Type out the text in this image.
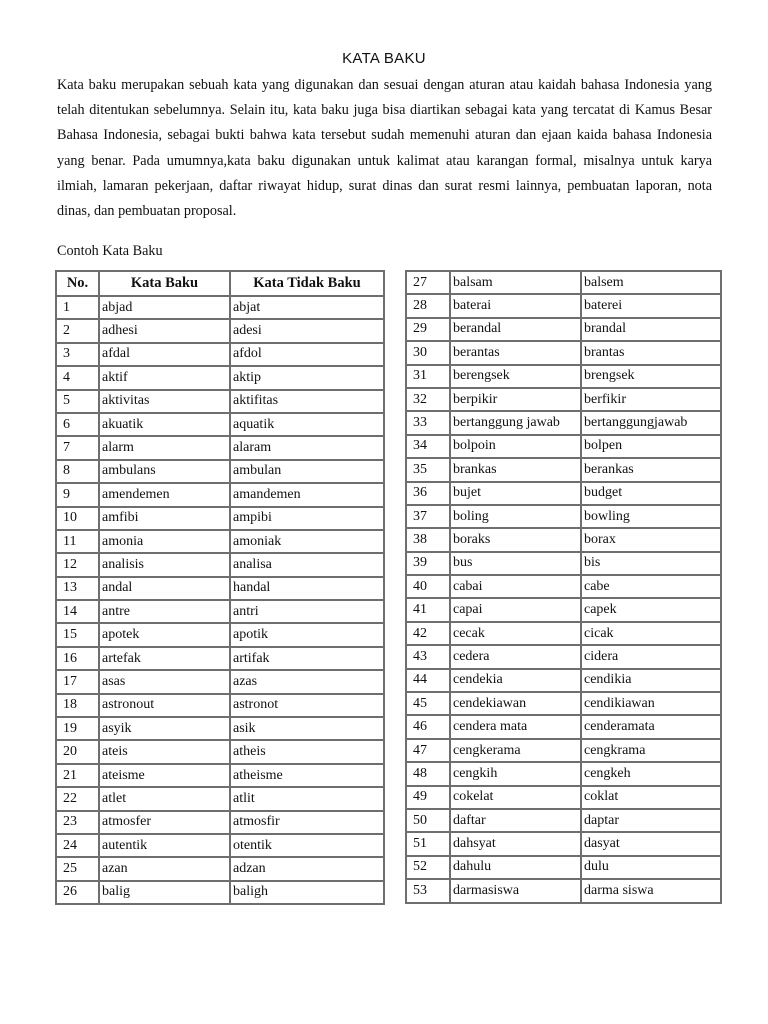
KATA BAKU
Kata baku merupakan sebuah kata yang digunakan dan sesuai dengan aturan atau kaidah bahasa Indonesia yang telah ditentukan sebelumnya. Selain itu, kata baku juga bisa diartikan sebagai kata yang tercatat di Kamus Besar Bahasa Indonesia, sebagai bukti bahwa kata tersebut sudah memenuhi aturan dan ejaan kaida bahasa Indonesia yang benar. Pada umumnya,kata baku digunakan untuk kalimat atau karangan formal, misalnya untuk karya ilmiah, lamaran pekerjaan, daftar riwayat hidup, surat dinas dan surat resmi lainnya, pembuatan laporan, nota dinas, dan pembuatan proposal.
Contoh Kata Baku
No.	Kata Baku	Kata Tidak Baku
1	abjad	abjat
2	adhesi	adesi
3	afdal	afdol
4	aktif	aktip
5	aktivitas	aktifitas
6	akuatik	aquatik
7	alarm	alaram
8	ambulans	ambulan
9	amendemen	amandemen
10	amfibi	ampibi
11	amonia	amoniak
12	analisis	analisa
13	andal	handal
14	antre	antri
15	apotek	apotik
16	artefak	artifak
17	asas	azas
18	astronout	astronot
19	asyik	asik
20	ateis	atheis
21	ateisme	atheisme
22	atlet	atlit
23	atmosfer	atmosfir
24	autentik	otentik
25	azan	adzan
26	balig	baligh
27	balsam	balsem
28	baterai	baterei
29	berandal	brandal
30	berantas	brantas
31	berengsek	brengsek
32	berpikir	berfikir
33	bertanggung jawab	bertanggungjawab
34	bolpoin	bolpen
35	brankas	berankas
36	bujet	budget
37	boling	bowling
38	boraks	borax
39	bus	bis
40	cabai	cabe
41	capai	capek
42	cecak	cicak
43	cedera	cidera
44	cendekia	cendikia
45	cendekiawan	cendikiawan
46	cendera mata	cenderamata
47	cengkerama	cengkrama
48	cengkih	cengkeh
49	cokelat	coklat
50	daftar	daptar
51	dahsyat	dasyat
52	dahulu	dulu
53	darmasiswa	darma siswa
